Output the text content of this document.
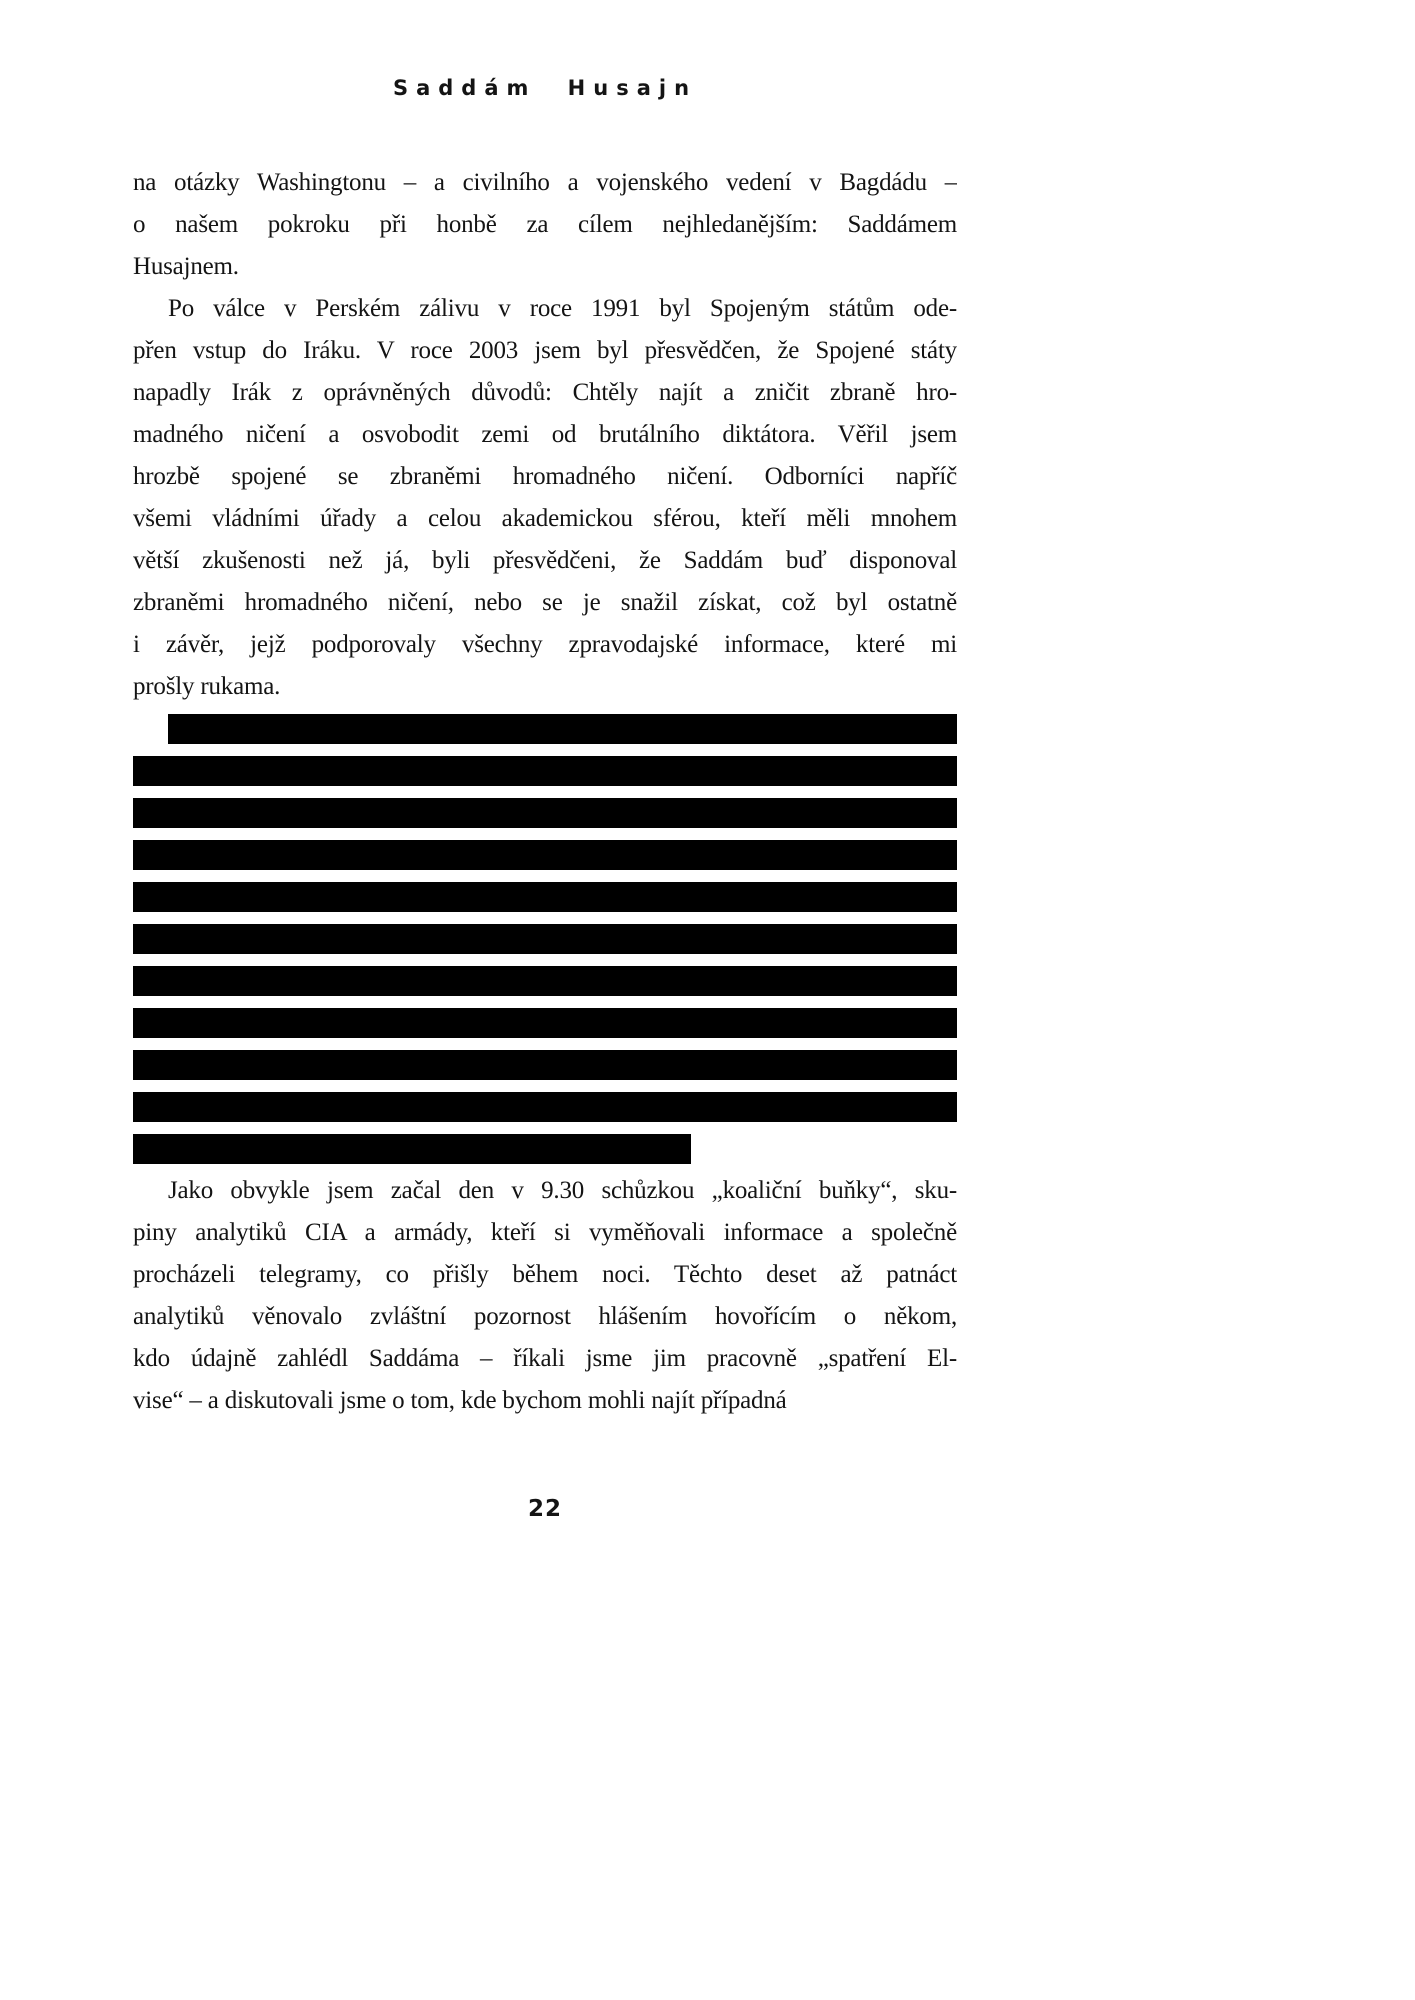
Saddám Husajn
na otázky Washingtonu – a civilního a vojenského vedení v Bagdádu –
o našem pokroku při honbě za cílem nejhledanějším: Saddámem
Husajnem.
Po válce v Perském zálivu v roce 1991 byl Spojeným státům ode-
přen vstup do Iráku. V roce 2003 jsem byl přesvědčen, že Spojené státy
napadly Irák z oprávněných důvodů: Chtěly najít a zničit zbraně hro-
madného ničení a osvobodit zemi od brutálního diktátora. Věřil jsem
hrozbě spojené se zbraněmi hromadného ničení. Odborníci napříč
všemi vládními úřady a celou akademickou sférou, kteří měli mnohem
větší zkušenosti než já, byli přesvědčeni, že Saddám buď disponoval
zbraněmi hromadného ničení, nebo se je snažil získat, což byl ostatně
i závěr, jejž podporovaly všechny zpravodajské informace, které mi
prošly rukama.
Jako obvykle jsem začal den v 9.30 schůzkou „koaliční buňky“, sku-
piny analytiků CIA a armády, kteří si vyměňovali informace a společně
procházeli telegramy, co přišly během noci. Těchto deset až patnáct
analytiků věnovalo zvláštní pozornost hlášením hovořícím o někom,
kdo údajně zahlédl Saddáma – říkali jsme jim pracovně „spatření El-
vise“ – a diskutovali jsme o tom, kde bychom mohli najít případná
22
